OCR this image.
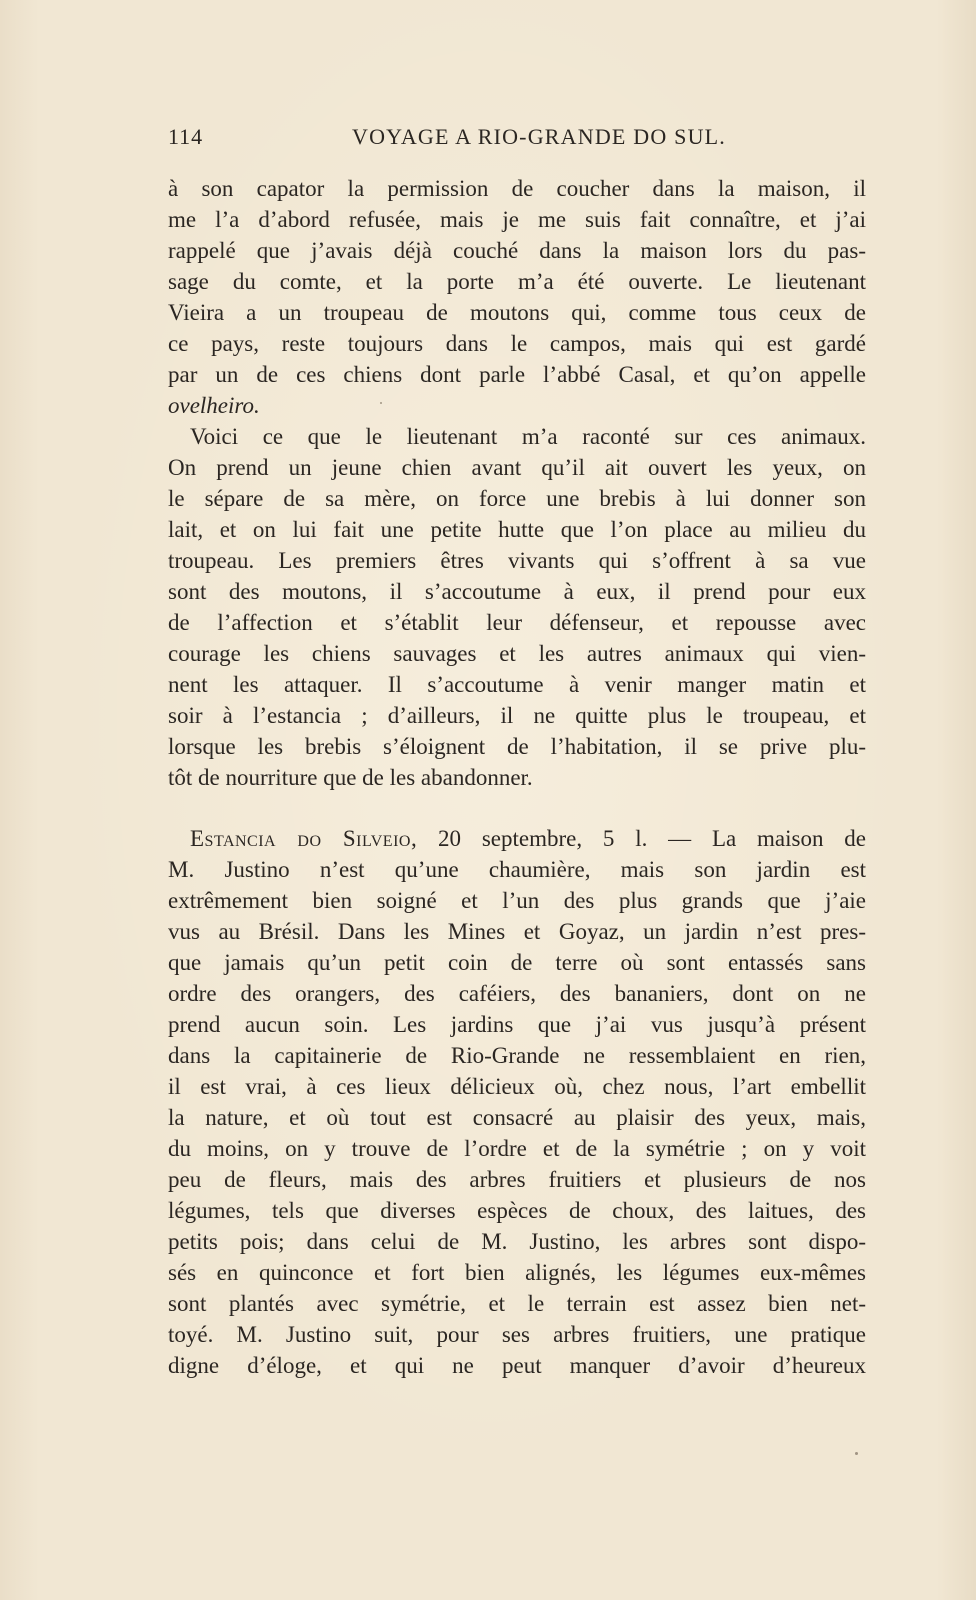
114	VOYAGE A RIO-GRANDE DO SUL.
à son capator la permission de coucher dans la maison, il
me l’a d’abord refusée, mais je me suis fait connaître, et j’ai
rappelé que j’avais déjà couché dans la maison lors du pas-
sage du comte, et la porte m’a été ouverte. Le lieutenant
Vieira a un troupeau de moutons qui, comme tous ceux de
ce pays, reste toujours dans le campos, mais qui est gardé
par un de ces chiens dont parle l’abbé Casal, et qu’on appelle
ovelheiro.
Voici ce que le lieutenant m’a raconté sur ces animaux.
On prend un jeune chien avant qu’il ait ouvert les yeux, on
le sépare de sa mère, on force une brebis à lui donner son
lait, et on lui fait une petite hutte que l’on place au milieu du
troupeau. Les premiers êtres vivants qui s’offrent à sa vue
sont des moutons, il s’accoutume à eux, il prend pour eux
de l’affection et s’établit leur défenseur, et repousse avec
courage les chiens sauvages et les autres animaux qui vien-
nent les attaquer. Il s’accoutume à venir manger matin et
soir à l’estancia ; d’ailleurs, il ne quitte plus le troupeau, et
lorsque les brebis s’éloignent de l’habitation, il se prive plu-
tôt de nourriture que de les abandonner.
Estancia do Silveio, 20 septembre, 5 l. — La maison de
M. Justino n’est qu’une chaumière, mais son jardin est
extrêmement bien soigné et l’un des plus grands que j’aie
vus au Brésil. Dans les Mines et Goyaz, un jardin n’est pres-
que jamais qu’un petit coin de terre où sont entassés sans
ordre des orangers, des caféiers, des bananiers, dont on ne
prend aucun soin. Les jardins que j’ai vus jusqu’à présent
dans la capitainerie de Rio-Grande ne ressemblaient en rien,
il est vrai, à ces lieux délicieux où, chez nous, l’art embellit
la nature, et où tout est consacré au plaisir des yeux, mais,
du moins, on y trouve de l’ordre et de la symétrie ; on y voit
peu de fleurs, mais des arbres fruitiers et plusieurs de nos
légumes, tels que diverses espèces de choux, des laitues, des
petits pois; dans celui de M. Justino, les arbres sont dispo-
sés en quinconce et fort bien alignés, les légumes eux-mêmes
sont plantés avec symétrie, et le terrain est assez bien net-
toyé. M. Justino suit, pour ses arbres fruitiers, une pratique
digne d’éloge, et qui ne peut manquer d’avoir d’heureux
